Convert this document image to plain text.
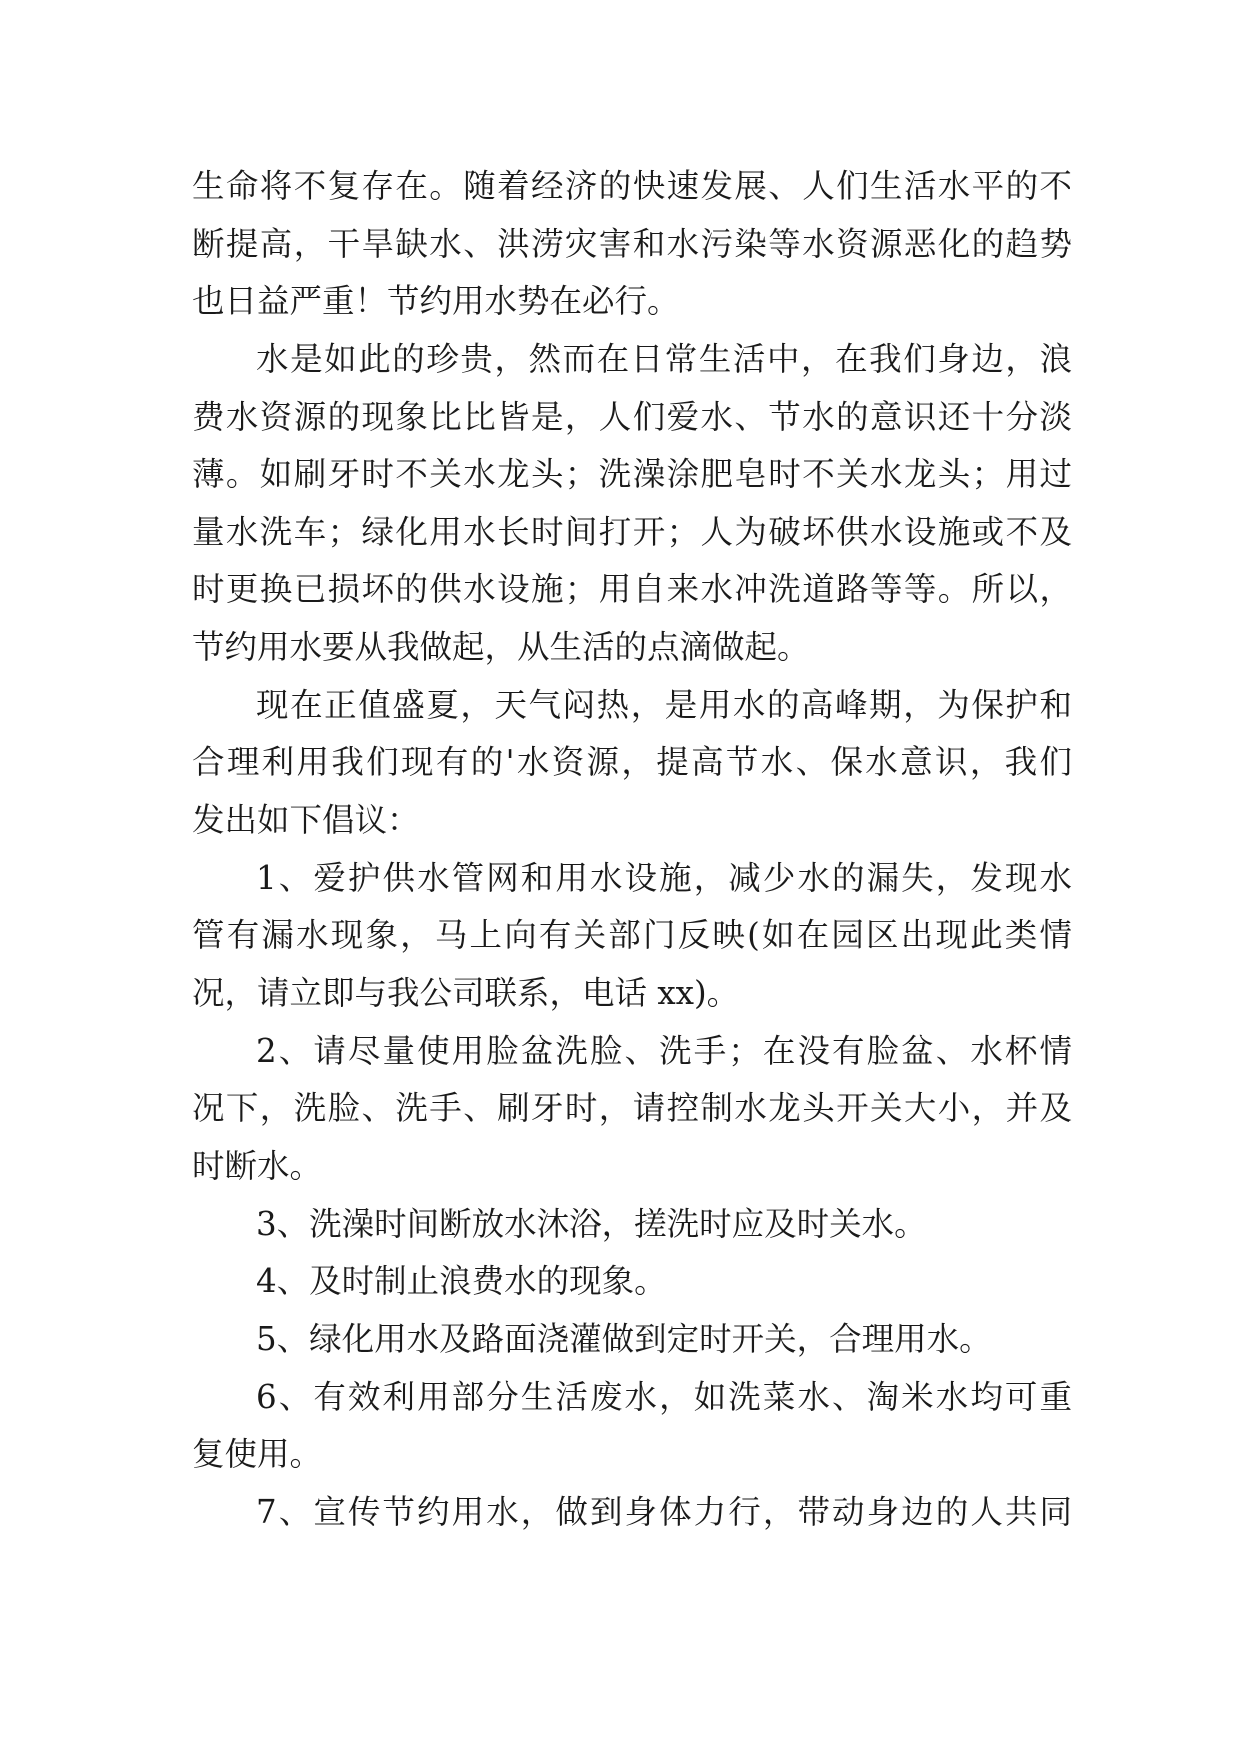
生命将不复存在。随着经济的快速发展、人们生活水平的不
断提高，干旱缺水、洪涝灾害和水污染等水资源恶化的趋势
也日益严重！节约用水势在必行。
水是如此的珍贵，然而在日常生活中，在我们身边，浪
费水资源的现象比比皆是，人们爱水、节水的意识还十分淡
薄。如刷牙时不关水龙头；洗澡涂肥皂时不关水龙头；用过
量水洗车；绿化用水长时间打开；人为破坏供水设施或不及
时更换已损坏的供水设施；用自来水冲洗道路等等。所以，
节约用水要从我做起，从生活的点滴做起。
现在正值盛夏，天气闷热，是用水的高峰期，为保护和
合理利用我们现有的'水资源，提高节水、保水意识，我们
发出如下倡议：
1、爱护供水管网和用水设施，减少水的漏失，发现水
管有漏水现象，马上向有关部门反映(如在园区出现此类情
况，请立即与我公司联系，电话 xx)。
2、请尽量使用脸盆洗脸、洗手；在没有脸盆、水杯情
况下，洗脸、洗手、刷牙时，请控制水龙头开关大小，并及
时断水。
3、洗澡时间断放水沐浴，搓洗时应及时关水。
4、及时制止浪费水的现象。
5、绿化用水及路面浇灌做到定时开关，合理用水。
6、有效利用部分生活废水，如洗菜水、淘米水均可重
复使用。
7、宣传节约用水，做到身体力行，带动身边的人共同
